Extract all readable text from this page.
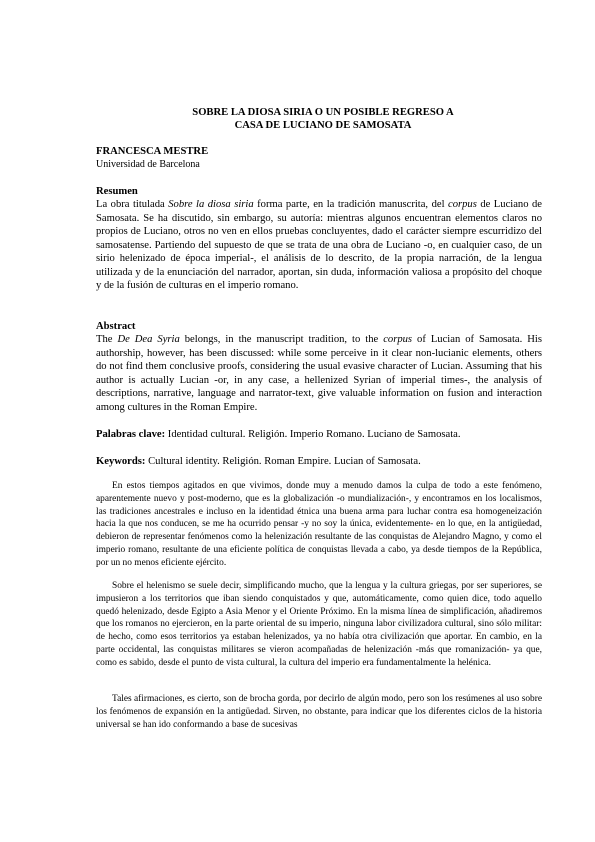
SOBRE LA DIOSA SIRIA O UN POSIBLE REGRESO A
CASA DE LUCIANO DE SAMOSATA
FRANCESCA MESTRE
Universidad de Barcelona
Resumen
La obra titulada Sobre la diosa siria forma parte, en la tradición manuscrita, del corpus de Luciano de Samosata. Se ha discutido, sin embargo, su autoría: mientras algunos encuentran elementos claros no propios de Luciano, otros no ven en ellos pruebas concluyentes, dado el carácter siempre escurridizo del samosatense. Partiendo del supuesto de que se trata de una obra de Luciano -o, en cualquier caso, de un sirio helenizado de época imperial-, el análisis de lo descrito, de la propia narración, de la lengua utilizada y de la enunciación del narrador, aportan, sin duda, información valiosa a propósito del choque y de la fusión de culturas en el imperio romano.
Abstract
The De Dea Syria belongs, in the manuscript tradition, to the corpus of Lucian of Samosata. His authorship, however, has been discussed: while some perceive in it clear non-lucianic elements, others do not find them conclusive proofs, considering the usual evasive character of Lucian. Assuming that his author is actually Lucian -or, in any case, a hellenized Syrian of imperial times-, the analysis of descriptions, narrative, language and narrator-text, give valuable information on fusion and interaction among cultures in the Roman Empire.
Palabras clave: Identidad cultural. Religión. Imperio Romano. Luciano de Samosata.
Keywords: Cultural identity. Religión. Roman Empire. Lucian of Samosata.
En estos tiempos agitados en que vivimos, donde muy a menudo damos la culpa de todo a este fenómeno, aparentemente nuevo y post-moderno, que es la globalización -o mundialización-, y encontramos en los localismos, las tradiciones ancestrales e incluso en la identidad étnica una buena arma para luchar contra esa homogeneización hacia la que nos conducen, se me ha ocurrido pensar -y no soy la única, evidentemente- en lo que, en la antigüedad, debieron de representar fenómenos como la helenización resultante de las conquistas de Alejandro Magno, y como el imperio romano, resultante de una eficiente política de conquistas llevada a cabo, ya desde tiempos de la República, por un no menos eficiente ejército.
Sobre el helenismo se suele decir, simplificando mucho, que la lengua y la cultura griegas, por ser superiores, se impusieron a los territorios que iban siendo conquistados y que, automáticamente, como quien dice, todo aquello quedó helenizado, desde Egipto a Asia Menor y el Oriente Próximo. En la misma línea de simplificación, añadiremos que los romanos no ejercieron, en la parte oriental de su imperio, ninguna labor civilizadora cultural, sino sólo militar: de hecho, como esos territorios ya estaban helenizados, ya no había otra civilización que aportar. En cambio, en la parte occidental, las conquistas militares se vieron acompañadas de helenización -más que romanización- ya que, como es sabido, desde el punto de vista cultural, la cultura del imperio era fundamentalmente la helénica.
Tales afirmaciones, es cierto, son de brocha gorda, por decirlo de algún modo, pero son los resúmenes al uso sobre los fenómenos de expansión en la antigüedad. Sirven, no obstante, para indicar que los diferentes ciclos de la historia universal se han ido conformando a base de sucesivas
